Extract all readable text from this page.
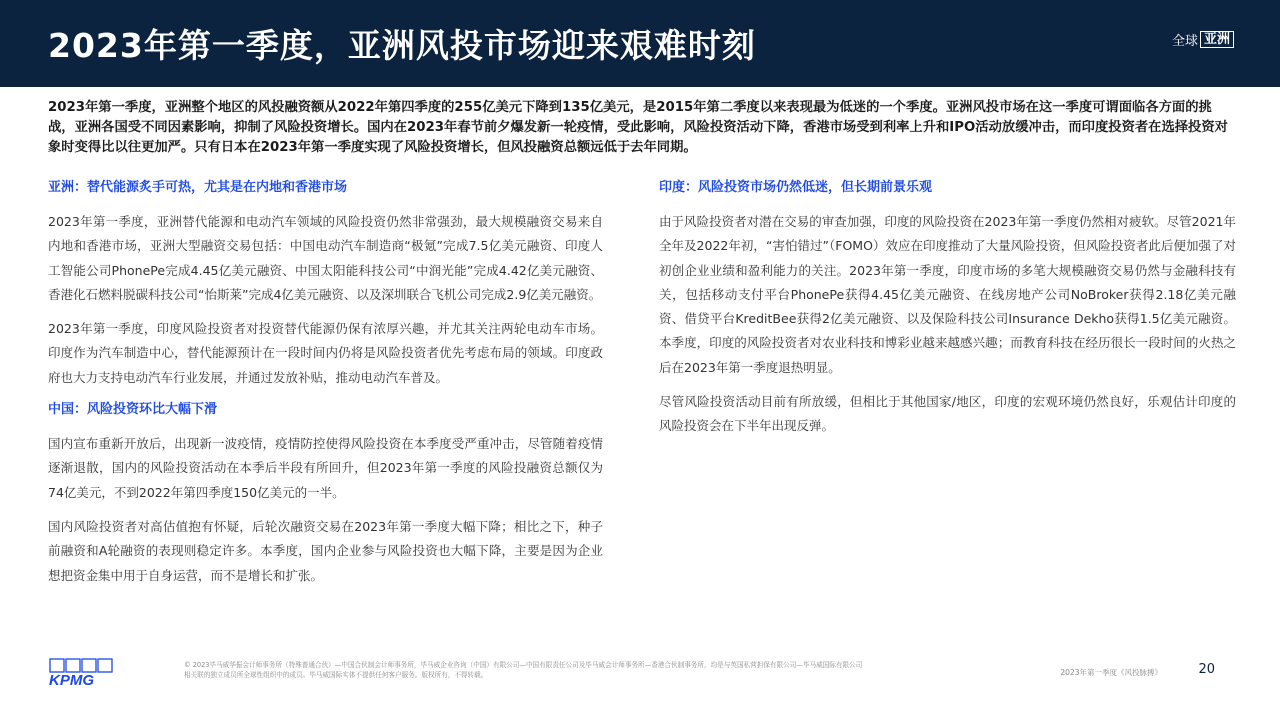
2023年第一季度，亚洲风投市场迎来艰难时刻	全球 亚洲

2023年第一季度，亚洲整个地区的风投融资额从2022年第四季度的255亿美元下降到135亿美元，是2015年第二季度以来表现最为低迷的一个季度。亚洲风投市场在这一季度可谓面临各方面的挑战，亚洲各国受不同因素影响，抑制了风险投资增长。国内在2023年春节前夕爆发新一轮疫情，受此影响，风险投资活动下降，香港市场受到利率上升和IPO活动放缓冲击，而印度投资者在选择投资对象时变得比以往更加严。只有日本在2023年第一季度实现了风险投资增长，但风投融资总额远低于去年同期。

亚洲：替代能源炙手可热，尤其是在内地和香港市场

2023年第一季度，亚洲替代能源和电动汽车领域的风险投资仍然非常强劲，最大规模融资交易来自内地和香港市场，亚洲大型融资交易包括：中国电动汽车制造商“极氪”完成7.5亿美元融资、印度人工智能公司PhonePe完成4.45亿美元融资、中国太阳能科技公司“中润光能”完成4.42亿美元融资、香港化石燃料脱碳科技公司“怡斯莱”完成4亿美元融资、以及深圳联合飞机公司完成2.9亿美元融资。

2023年第一季度，印度风险投资者对投资替代能源仍保有浓厚兴趣，并尤其关注两轮电动车市场。印度作为汽车制造中心，替代能源预计在一段时间内仍将是风险投资者优先考虑布局的领域。印度政府也大力支持电动汽车行业发展，并通过发放补贴，推动电动汽车普及。

中国：风险投资环比大幅下滑

国内宣布重新开放后，出现新一波疫情，疫情防控使得风险投资在本季度受严重冲击，尽管随着疫情逐渐退散，国内的风险投资活动在本季后半段有所回升，但2023年第一季度的风险投融资总额仅为74亿美元，不到2022年第四季度150亿美元的一半。

国内风险投资者对高估值抱有怀疑，后轮次融资交易在2023年第一季度大幅下降；相比之下，种子前融资和A轮融资的表现则稳定许多。本季度，国内企业参与风险投资也大幅下降，主要是因为企业想把资金集中用于自身运营，而不是增长和扩张。

印度：风险投资市场仍然低迷，但长期前景乐观

由于风险投资者对潜在交易的审查加强，印度的风险投资在2023年第一季度仍然相对疲软。尽管2021年全年及2022年初，“害怕错过”（FOMO）效应在印度推动了大量风险投资，但风险投资者此后便加强了对初创企业业绩和盈利能力的关注。2023年第一季度，印度市场的多笔大规模融资交易仍然与金融科技有关，包括移动支付平台PhonePe获得4.45亿美元融资、在线房地产公司NoBroker获得2.18亿美元融资、借贷平台KreditBee获得2亿美元融资、以及保险科技公司Insurance Dekho获得1.5亿美元融资。本季度，印度的风险投资者对农业科技和博彩业越来越感兴趣；而教育科技在经历很长一段时间的火热之后在2023年第一季度退热明显。

尽管风险投资活动目前有所放缓，但相比于其他国家/地区，印度的宏观环境仍然良好，乐观估计印度的风险投资会在下半年出现反弹。

KPMG

© 2023毕马威华振会计师事务所（特殊普通合伙）—中国合伙制会计师事务所，毕马威企业咨询（中国）有限公司—中国有限责任公司及毕马威会计师事务所—香港合伙制事务所，均是与英国私营担保有限公司—毕马威国际有限公司相关联的独立成员所全球性组织中的成员。毕马威国际实体不提供任何客户服务。版权所有，不得转载。	2023年第一季度《风投脉搏》	20
